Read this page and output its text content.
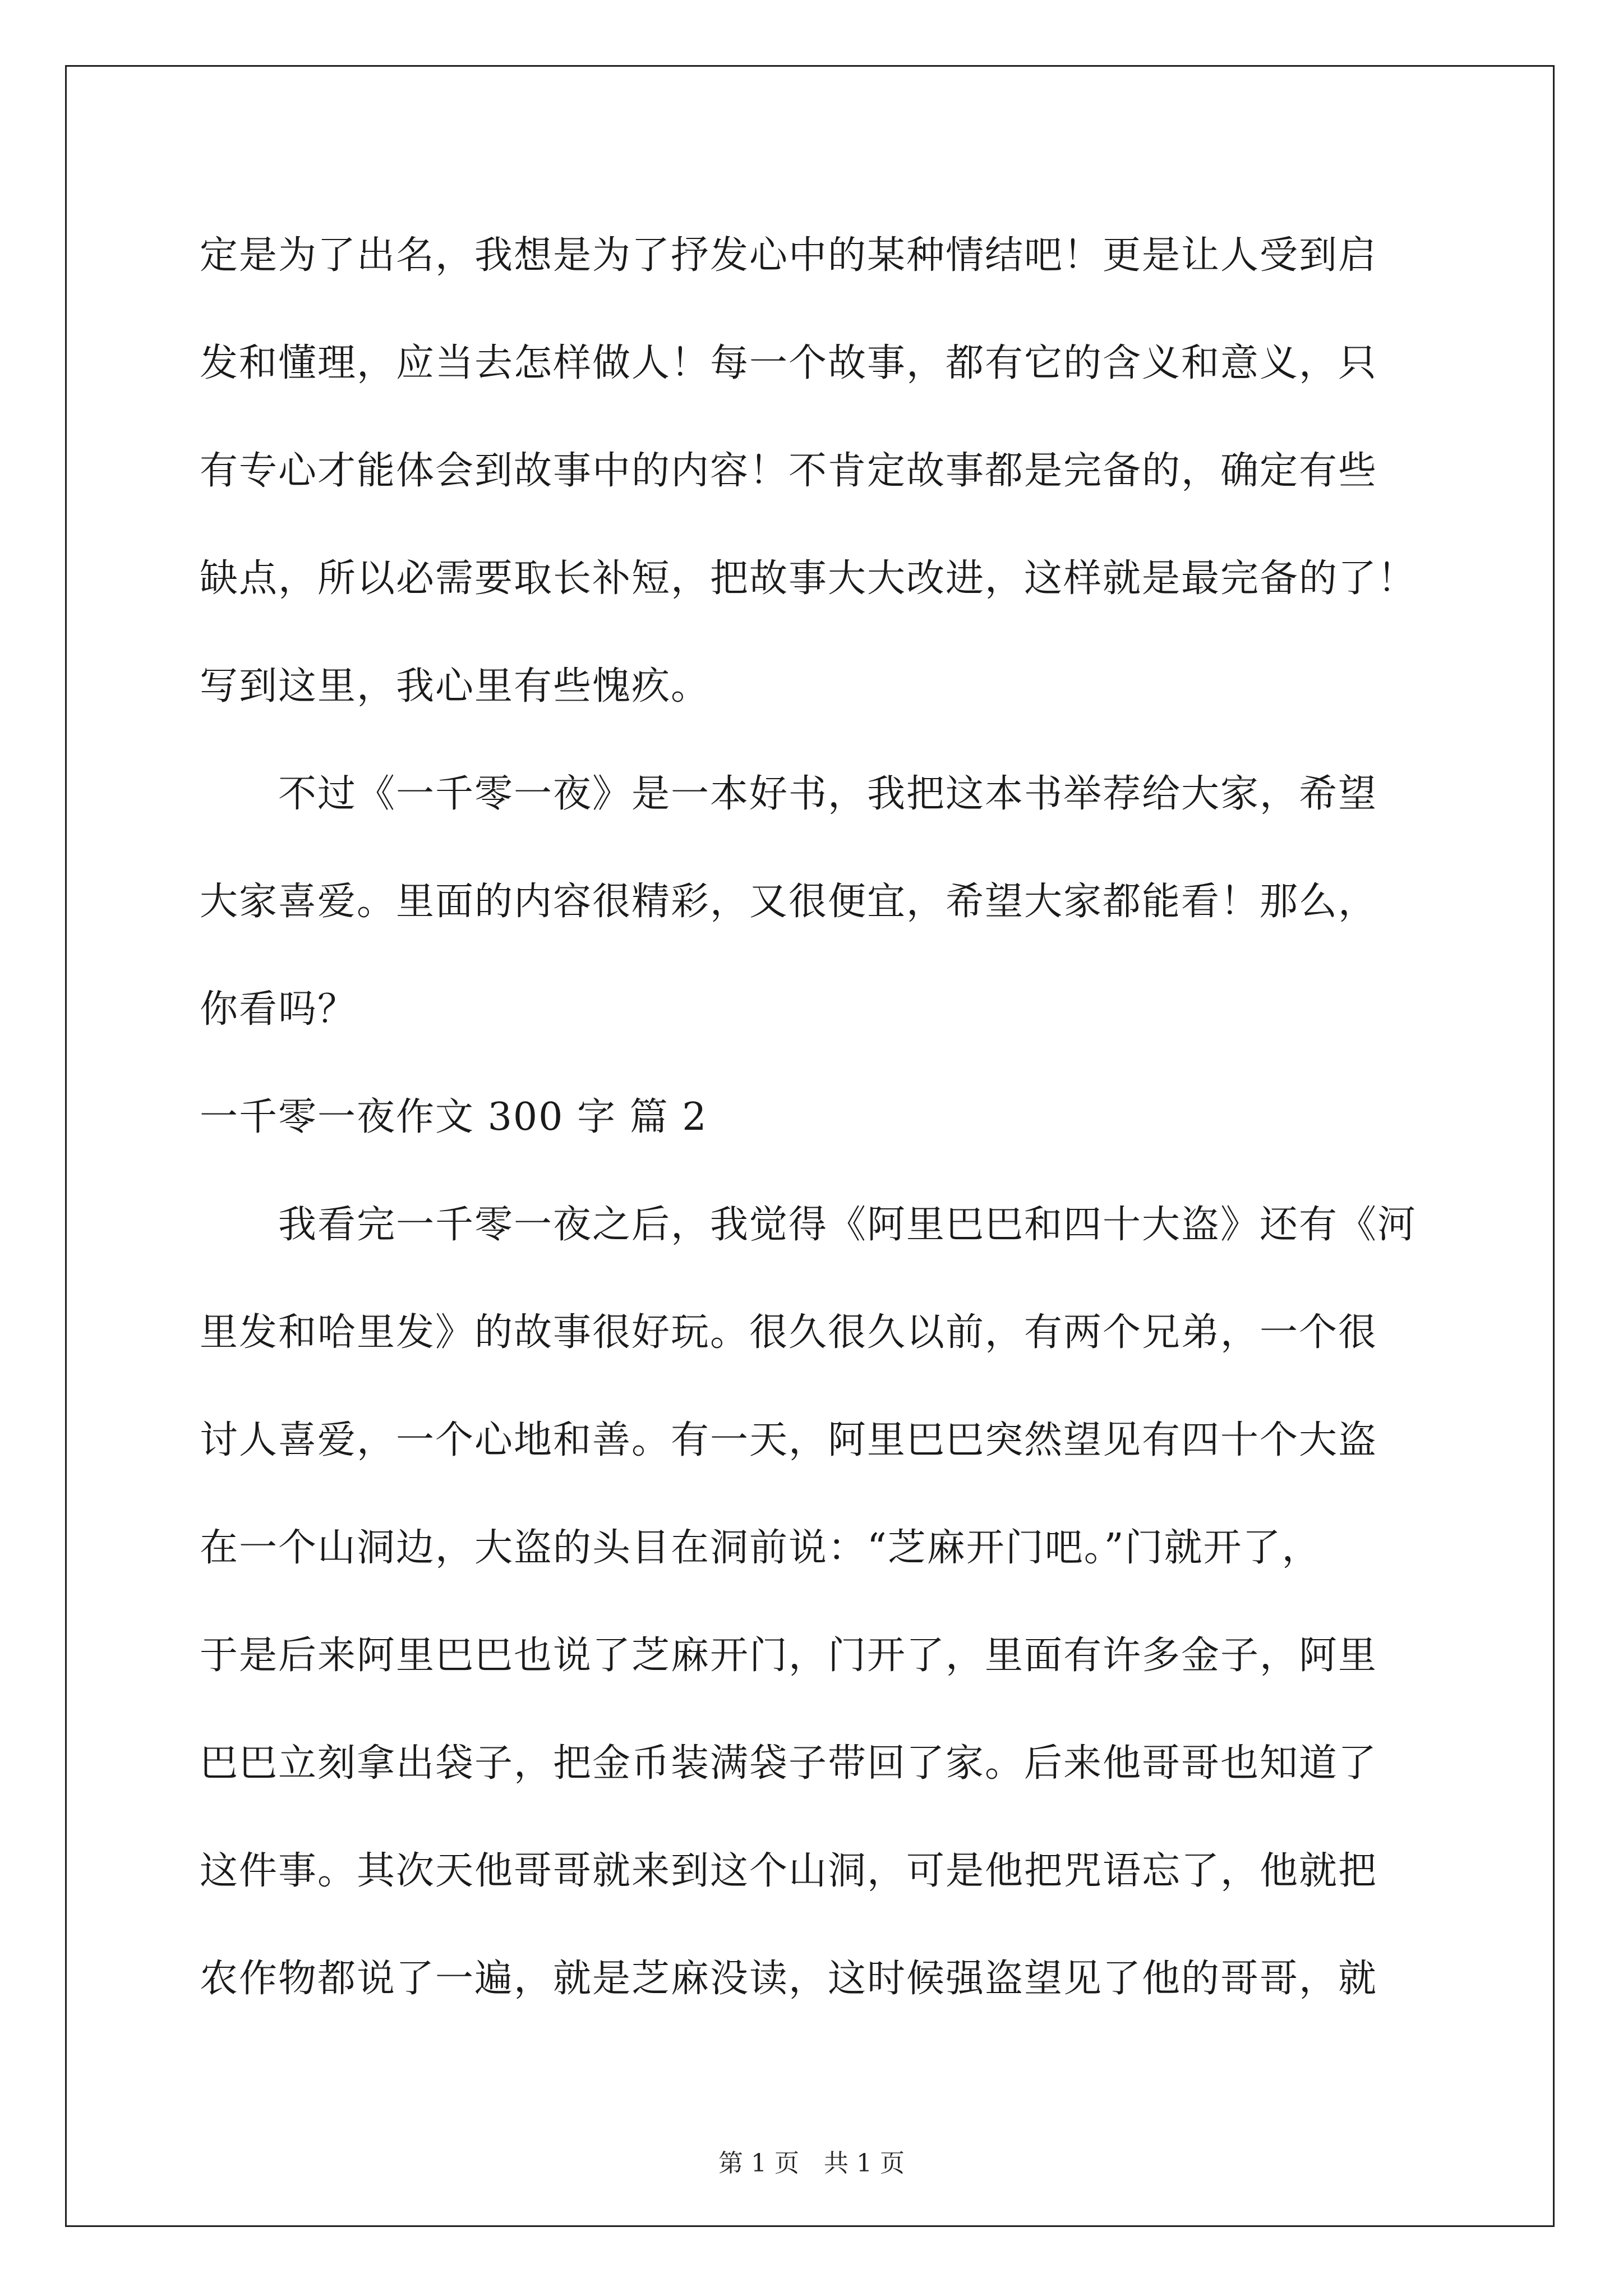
定是为了出名，我想是为了抒发心中的某种情结吧！更是让人受到启
发和懂理，应当去怎样做人！每一个故事，都有它的含义和意义，只
有专心才能体会到故事中的内容！不肯定故事都是完备的，确定有些
缺点，所以必需要取长补短，把故事大大改进，这样就是最完备的了！
写到这里，我心里有些愧疚。
　　不过《一千零一夜》是一本好书，我把这本书举荐给大家，希望
大家喜爱。里面的内容很精彩，又很便宜，希望大家都能看！那么，
你看吗？
一千零一夜作文 300 字 篇 2
　　我看完一千零一夜之后，我觉得《阿里巴巴和四十大盗》还有《河
里发和哈里发》的故事很好玩。很久很久以前，有两个兄弟，一个很
讨人喜爱，一个心地和善。有一天，阿里巴巴突然望见有四十个大盗
在一个山洞边，大盗的头目在洞前说：“芝麻开门吧。”门就开了，
于是后来阿里巴巴也说了芝麻开门，门开了，里面有许多金子，阿里
巴巴立刻拿出袋子，把金币装满袋子带回了家。后来他哥哥也知道了
这件事。其次天他哥哥就来到这个山洞，可是他把咒语忘了，他就把
农作物都说了一遍，就是芝麻没读，这时候强盗望见了他的哥哥，就
第 1 页　共 1 页
